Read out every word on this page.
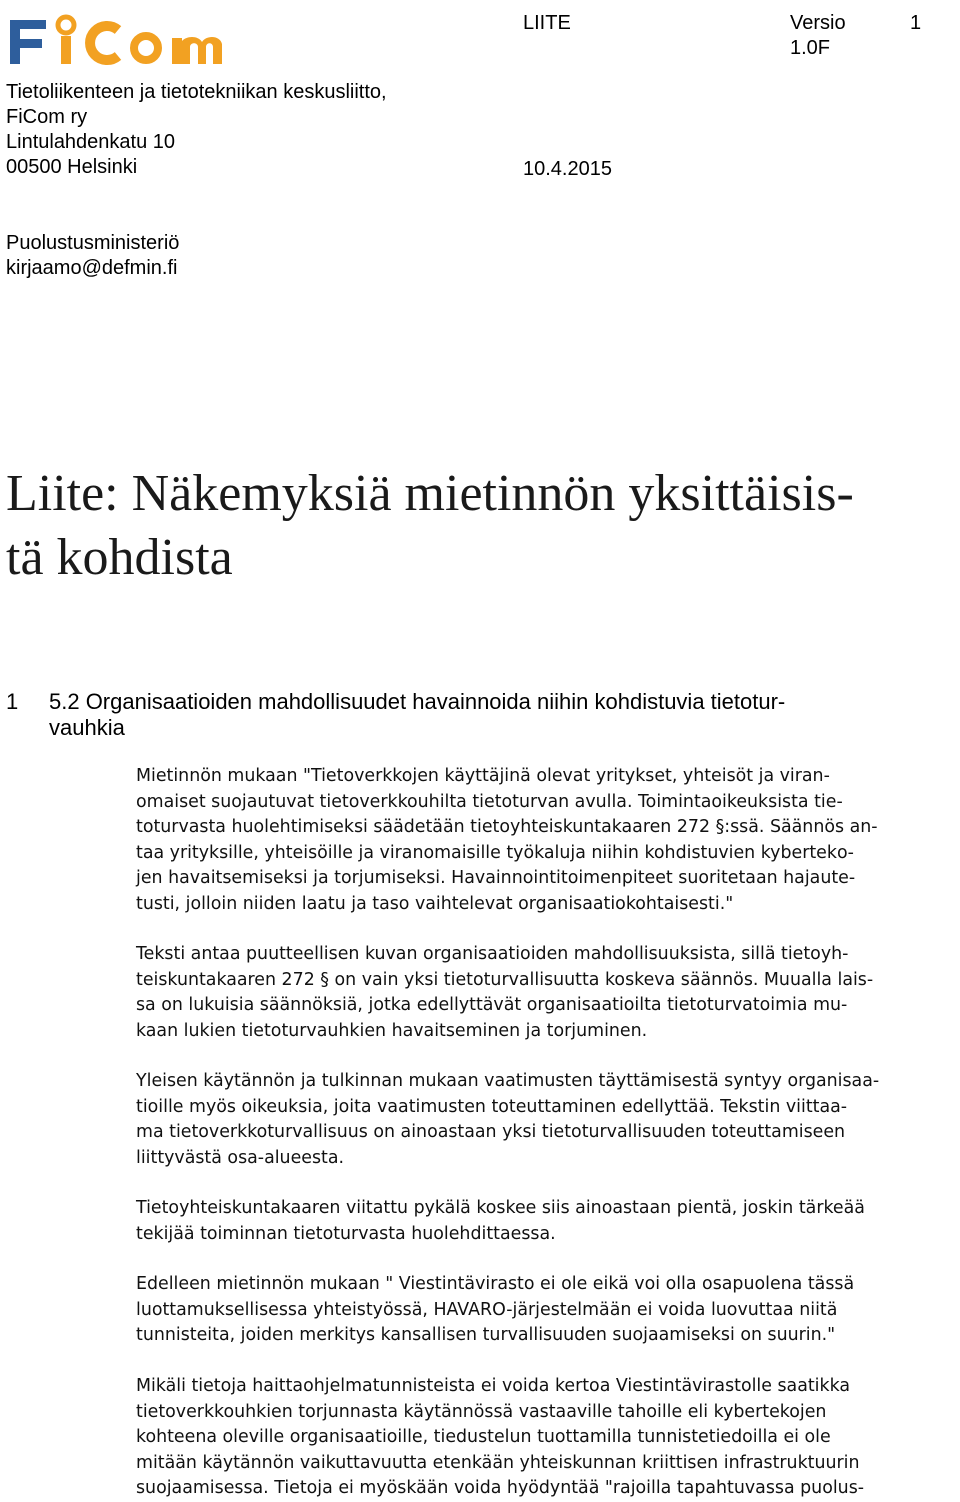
Tietoliikenteen ja tietotekniikan keskusliitto,
FiCom ry
Lintulahdenkatu 10
00500 Helsinki
LIITE	Versio	1
1.0F
10.4.2015
Puolustusministeriö
kirjaamo@defmin.fi
Liite: Näkemyksiä mietinnön yksittäisis-
tä kohdista
1 5.2 Organisaatioiden mahdollisuudet havainnoida niihin kohdistuvia tietotur-
vauhkia
Mietinnön mukaan "Tietoverkkojen käyttäjinä olevat yritykset, yhteisöt ja viran-
omaiset suojautuvat tietoverkkouhilta tietoturvan avulla. Toimintaoikeuksista tie-
toturvasta huolehtimiseksi säädetään tietoyhteiskuntakaaren 272 §:ssä. Säännös an-
taa yrityksille, yhteisöille ja viranomaisille työkaluja niihin kohdistuvien kybertekо-
jen havaitsemiseksi ja torjumiseksi. Havainnointitoimenpiteet suoritetaan hajaute-
tusti, jolloin niiden laatu ja taso vaihtelevat organisaatiokohtaisesti."
Teksti antaa puutteellisen kuvan organisaatioiden mahdollisuuksista, sillä tietoyh-
teiskuntakaaren 272 § on vain yksi tietoturvallisuutta koskeva säännös. Muualla lais-
sa on lukuisia säännöksiä, jotka edellyttävät organisaatioilta tietoturvatoimia mu-
kaan lukien tietoturvauhkien havaitseminen ja torjuminen.
Yleisen käytännön ja tulkinnan mukaan vaatimusten täyttämisestä syntyy organisaa-
tioille myös oikeuksia, joita vaatimusten toteuttaminen edellyttää. Tekstin viittaa-
ma tietoverkkoturvallisuus on ainoastaan yksi tietoturvallisuuden toteuttamiseen
liittyvästä osa-alueesta.
Tietoyhteiskuntakaaren viitattu pykälä koskee siis ainoastaan pientä, joskin tärkeää
tekijää toiminnan tietoturvasta huolehdittaessa.
Edelleen mietinnön mukaan " Viestintävirasto ei ole eikä voi olla osapuolena tässä
luottamuksellisessa yhteistyössä, HAVARO-järjestelmään ei voida luovuttaa niitä
tunnisteita, joiden merkitys kansallisen turvallisuuden suojaamiseksi on suurin."
Mikäli tietoja haittaohjelmatunnisteista ei voida kertoa Viestintävirastolle saatikka
tietoverkkouhkien torjunnasta käytännössä vastaaville tahoille eli kybertekojen
kohteena oleville organisaatioille, tiedustelun tuottamilla tunnistetiedoilla ei ole
mitään käytännön vaikuttavuutta etenkään yhteiskunnan kriittisen infrastruktuurin
suojaamisessa. Tietoja ei myöskään voida hyödyntää "rajoilla tapahtuvassa puolus-
